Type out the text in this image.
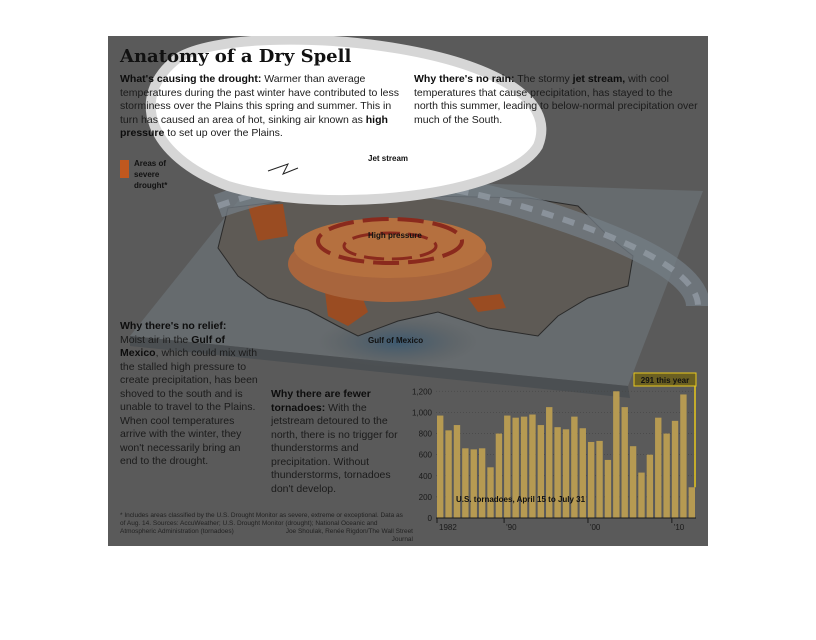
Anatomy of a Dry Spell
What's causing the drought: Warmer than average temperatures during the past winter have contributed to less storminess over the Plains this spring and summer. This in turn has caused an area of hot, sinking air known as high pressure to set up over the Plains.
Why there's no rain: The stormy jet stream, with cool temperatures that cause precipitation, has stayed to the north this summer, leading to below-normal precipitation over much of the South.
Areas of severe drought*
Jet stream
High pressure
Gulf of Mexico
Why there's no relief:
Moist air in the Gulf of Mexico, which could mix with the stalled high pressure to create precipitation, has been shoved to the south and is unable to travel to the Plains.
When cool temperatures arrive with the winter, they won't necessarily bring an end to the drought.
Why there are fewer tornadoes: With the jetstream detoured to the north, there is no trigger for thunderstorms and precipitation. Without thunderstorms, tornadoes don't develop.
* Includes areas classified by the U.S. Drought Monitor as severe, extreme or exceptional. Data as of Aug. 14. Sources: AccuWeather; U.S. Drought Monitor (drought); National Oceanic and Atmospheric Administration (tornadoes)	Joe Shoulak, Renée Rigdon/The Wall Street Journal
0
200
400
600
800
1,000
1,200
291 this year
1982	'90	'00	'10
U.S. tornadoes, April 15 to July 31
